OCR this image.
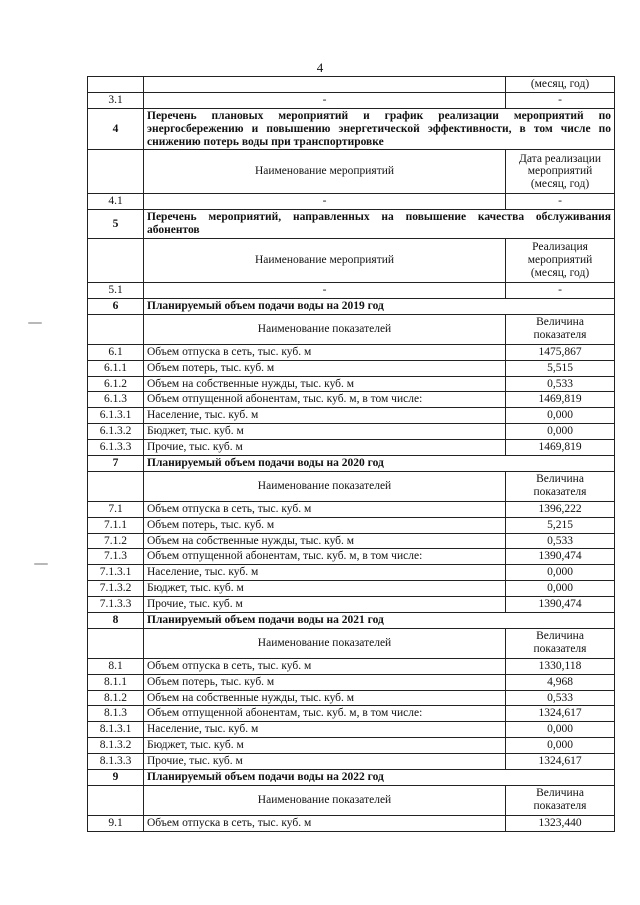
4
		(месяц, год)
3.1	-	-
4	Перечень плановых мероприятий и график реализации мероприятий по энергосбережению и повышению энергетической эффективности, в том числе по снижению потерь воды при транспортировке	
	Наименование мероприятий	Дата реализации мероприятий (месяц, год)
4.1	-	-
5	Перечень мероприятий, направленных на повышение качества обслуживания абонентов	
	Наименование мероприятий	Реализация мероприятий (месяц, год)
5.1	-	-
6	Планируемый объем подачи воды на 2019 год	
	Наименование показателей	Величина показателя
6.1	Объем отпуска в сеть, тыс. куб. м	1475,867
6.1.1	Объем потерь, тыс. куб. м	5,515
6.1.2	Объем на собственные нужды, тыс. куб. м	0,533
6.1.3	Объем отпущенной абонентам, тыс. куб. м, в том числе:	1469,819
6.1.3.1	Население, тыс. куб. м	0,000
6.1.3.2	Бюджет, тыс. куб. м	0,000
6.1.3.3	Прочие, тыс. куб. м	1469,819
7	Планируемый объем подачи воды на 2020 год	
	Наименование показателей	Величина показателя
7.1	Объем отпуска в сеть, тыс. куб. м	1396,222
7.1.1	Объем потерь, тыс. куб. м	5,215
7.1.2	Объем на собственные нужды, тыс. куб. м	0,533
7.1.3	Объем отпущенной абонентам, тыс. куб. м, в том числе:	1390,474
7.1.3.1	Население, тыс. куб. м	0,000
7.1.3.2	Бюджет, тыс. куб. м	0,000
7.1.3.3	Прочие, тыс. куб. м	1390,474
8	Планируемый объем подачи воды на 2021 год	
	Наименование показателей	Величина показателя
8.1	Объем отпуска в сеть, тыс. куб. м	1330,118
8.1.1	Объем потерь, тыс. куб. м	4,968
8.1.2	Объем на собственные нужды, тыс. куб. м	0,533
8.1.3	Объем отпущенной абонентам, тыс. куб. м, в том числе:	1324,617
8.1.3.1	Население, тыс. куб. м	0,000
8.1.3.2	Бюджет, тыс. куб. м	0,000
8.1.3.3	Прочие, тыс. куб. м	1324,617
9	Планируемый объем подачи воды на 2022 год	
	Наименование показателей	Величина показателя
9.1	Объем отпуска в сеть, тыс. куб. м	1323,440
